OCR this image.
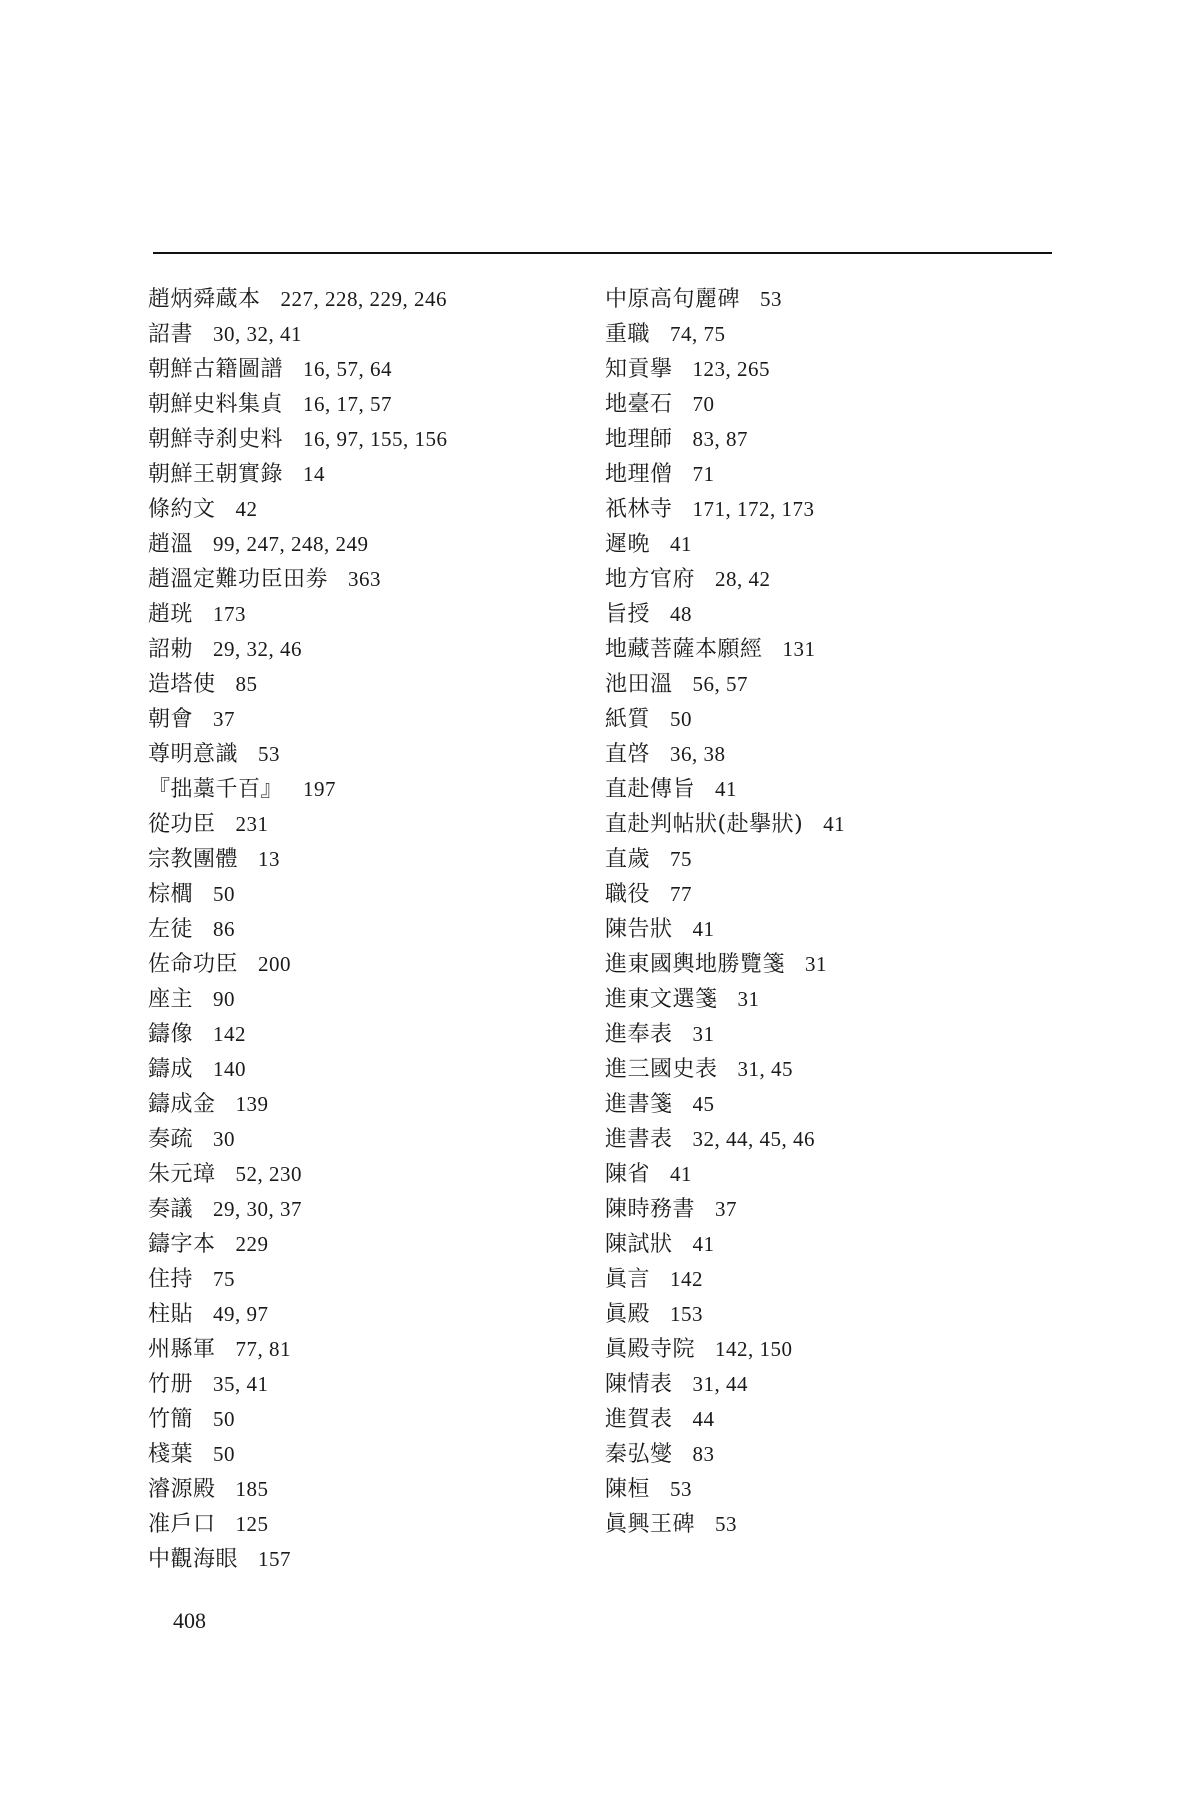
趙炳舜蔵本 227, 228, 229, 246
詔書 30, 32, 41
朝鮮古籍圖譜 16, 57, 64
朝鮮史料集貞 16, 17, 57
朝鮮寺刹史料 16, 97, 155, 156
朝鮮王朝實錄 14
條約文 42
趙溫 99, 247, 248, 249
趙溫定難功臣田劵 363
趙珖 173
詔勅 29, 32, 46
造塔使 85
朝會 37
尊明意識 53
『拙藁千百』 197
從功臣 231
宗教團體 13
棕櫚 50
左徒 86
佐命功臣 200
座主 90
鑄像 142
鑄成 140
鑄成金 139
奏疏 30
朱元璋 52, 230
奏議 29, 30, 37
鑄字本 229
住持 75
柱貼 49, 97
州縣軍 77, 81
竹册 35, 41
竹簡 50
棧葉 50
濬源殿 185
准戶口 125
中觀海眼 157
中原高句麗碑 53
重職 74, 75
知貢擧 123, 265
地臺石 70
地理師 83, 87
地理僧 71
祇林寺 171, 172, 173
遲晩 41
地方官府 28, 42
旨授 48
地藏菩薩本願經 131
池田溫 56, 57
紙質 50
直啓 36, 38
直赴傳旨 41
直赴判帖狀(赴擧狀) 41
直歲 75
職役 77
陳告狀 41
進東國輿地勝覽箋 31
進東文選箋 31
進奉表 31
進三國史表 31, 45
進書箋 45
進書表 32, 44, 45, 46
陳省 41
陳時務書 37
陳試狀 41
眞言 142
眞殿 153
眞殿寺院 142, 150
陳情表 31, 44
進賀表 44
秦弘燮 83
陳桓 53
眞興王碑 53
408
